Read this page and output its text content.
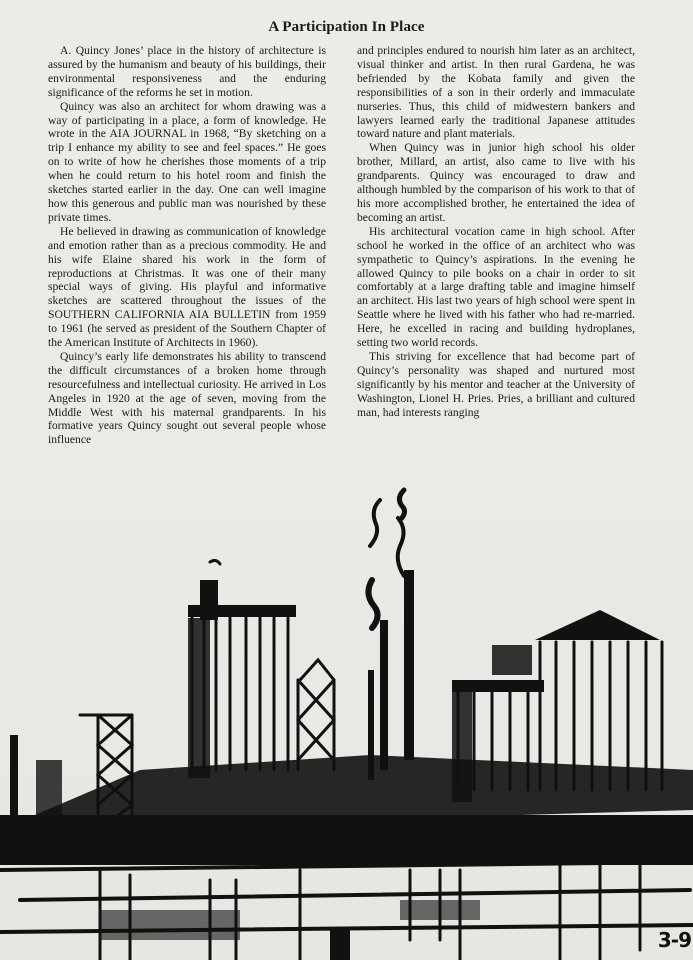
A Participation In Place

A. Quincy Jones’ place in the history of architecture is assured by the humanism and beauty of his buildings, their environmental responsiveness and the enduring significance of the reforms he set in motion.

Quincy was also an architect for whom drawing was a way of participating in a place, a form of knowledge. He wrote in the AIA JOURNAL in 1968, “By sketching on a trip I enhance my ability to see and feel spaces.” He goes on to write of how he cherishes those moments of a trip when he could return to his hotel room and finish the sketches started earlier in the day. One can well imagine how this generous and public man was nourished by these private times.

He believed in drawing as communication of knowledge and emotion rather than as a precious commodity. He and his wife Elaine shared his work in the form of reproductions at Christmas. It was one of their many special ways of giving. His playful and informative sketches are scattered throughout the issues of the SOUTHERN CALIFORNIA AIA BULLETIN from 1959 to 1961 (he served as president of the Southern Chapter of the American Institute of Architects in 1960).

Quincy’s early life demonstrates his ability to transcend the difficult circumstances of a broken home through resourcefulness and intellectual curiosity. He arrived in Los Angeles in 1920 at the age of seven, moving from the Middle West with his maternal grandparents. In his formative years Quincy sought out several people whose influence

and principles endured to nourish him later as an architect, visual thinker and artist. In then rural Gardena, he was befriended by the Kobata family and given the responsibilities of a son in their orderly and immaculate nurseries. Thus, this child of midwestern bankers and lawyers learned early the traditional Japanese attitudes toward nature and plant materials.

When Quincy was in junior high school his older brother, Millard, an artist, also came to live with his grandparents. Quincy was encouraged to draw and although humbled by the comparison of his work to that of his more accomplished brother, he entertained the idea of becoming an artist.

His architectural vocation came in high school. After school he worked in the office of an architect who was sympathetic to Quincy’s aspirations. In the evening he allowed Quincy to pile books on a chair in order to sit comfortably at a large drafting table and imagine himself an architect. His last two years of high school were spent in Seattle where he lived with his father who had re-married. Here, he excelled in racing and building hydroplanes, setting two world records.

This striving for excellence that had become part of Quincy’s personality was shaped and nurtured most significantly by his mentor and teacher at the University of Washington, Lionel H. Pries. Pries, a brilliant and cultured man, had interests ranging

3-9
